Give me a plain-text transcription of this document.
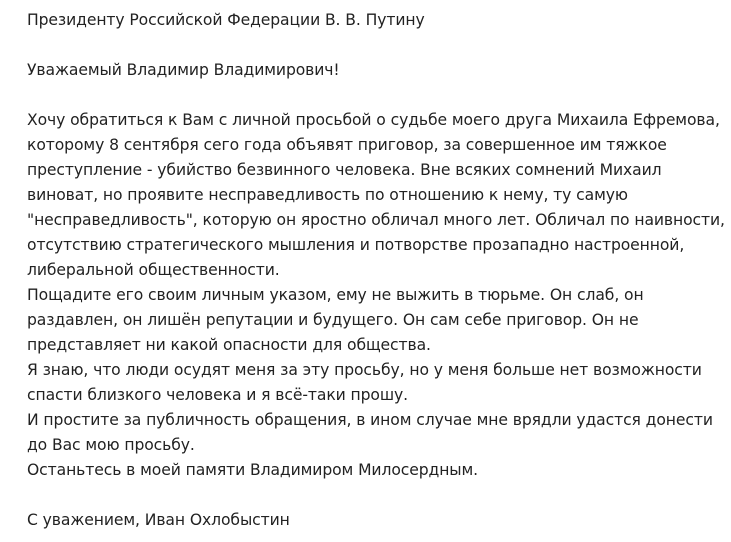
Президенту Российской Федерации В. В. Путину
Уважаемый Владимир Владимирович!
Хочу обратиться к Вам с личной просьбой о судьбе моего друга Михаила Ефремова,
которому 8 сентября сего года объявят приговор, за совершенное им тяжкое
преступление - убийство безвинного человека. Вне всяких сомнений Михаил
виноват, но проявите несправедливость по отношению к нему, ту самую
"несправедливость", которую он яростно обличал много лет. Обличал по наивности,
отсутствию стратегического мышления и потворстве прозападно настроенной,
либеральной общественности.
Пощадите его своим личным указом, ему не выжить в тюрьме. Он слаб, он
раздавлен, он лишён репутации и будущего. Он сам себе приговор. Он не
представляет ни какой опасности для общества.
Я знаю, что люди осудят меня за эту просьбу, но у меня больше нет возможности
спасти близкого человека и я всё-таки прошу.
И простите за публичность обращения, в ином случае мне врядли удастся донести
до Вас мою просьбу.
Останьтесь в моей памяти Владимиром Милосердным.
С уважением, Иван Охлобыстин
